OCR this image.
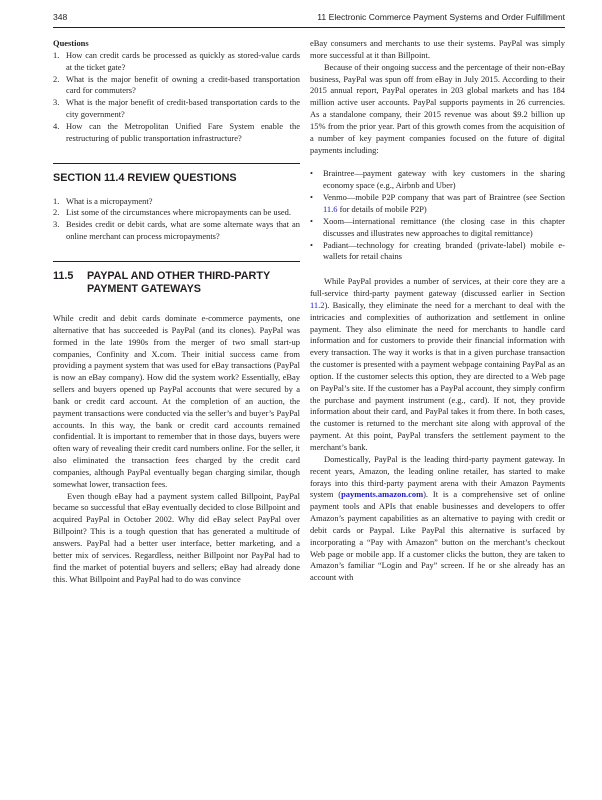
348	11 Electronic Commerce Payment Systems and Order Fulfillment

Questions

1. How can credit cards be processed as quickly as stored-value cards at the ticket gate?
2. What is the major benefit of owning a credit-based transportation card for commuters?
3. What is the major benefit of credit-based transportation cards to the city government?
4. How can the Metropolitan Unified Fare System enable the restructuring of public transportation infrastructure?
SECTION 11.4 REVIEW QUESTIONS
1. What is a micropayment?
2. List some of the circumstances where micropayments can be used.
3. Besides credit or debit cards, what are some alternate ways that an online merchant can process micropayments?
11.5	PAYPAL AND OTHER THIRD-PARTY PAYMENT GATEWAYS

While credit and debit cards dominate e-commerce payments, one alternative that has succeeded is PayPal (and its clones). PayPal was formed in the late 1990s from the merger of two small start-up companies, Confinity and X.com. Their initial success came from providing a payment system that was used for eBay transactions (PayPal is now an eBay company). How did the system work? Essentially, eBay sellers and buyers opened up PayPal accounts that were secured by a bank or credit card account. At the completion of an auction, the payment transactions were conducted via the seller’s and buyer’s PayPal accounts. In this way, the bank or credit card accounts remained confidential. It is important to remember that in those days, buyers were often wary of revealing their credit card numbers online. For the seller, it also eliminated the transaction fees charged by the credit card companies, although PayPal eventually began charging similar, though somewhat lower, transaction fees.

Even though eBay had a payment system called Billpoint, PayPal became so successful that eBay eventually decided to close Billpoint and acquired PayPal in October 2002. Why did eBay select PayPal over Billpoint? This is a tough question that has generated a multitude of answers. PayPal had a better user interface, better marketing, and a better mix of services. Regardless, neither Billpoint nor PayPal had to find the market of potential buyers and sellers; eBay had already done this. What Billpoint and PayPal had to do was convince

eBay consumers and merchants to use their systems. PayPal was simply more successful at it than Billpoint.

Because of their ongoing success and the percentage of their non-eBay business, PayPal was spun off from eBay in July 2015. According to their 2015 annual report, PayPal operates in 203 global markets and has 184 million active user accounts. PayPal supports payments in 26 currencies. As a standalone company, their 2015 revenue was about $9.2 billion up 15% from the prior year. Part of this growth comes from the acquisition of a number of key payment companies focused on the future of digital payments including:

• Braintree—payment gateway with key customers in the sharing economy space (e.g., Airbnb and Uber)
• Venmo—mobile P2P company that was part of Braintree (see Section 11.6 for details of mobile P2P)
• Xoom—international remittance (the closing case in this chapter discusses and illustrates new approaches to digital remittance)
• Padiant—technology for creating branded (private-label) mobile e-wallets for retail chains

While PayPal provides a number of services, at their core they are a full-service third-party payment gateway (discussed earlier in Section 11.2). Basically, they eliminate the need for a merchant to deal with the intricacies and complexities of authorization and settlement in online payment. They also eliminate the need for merchants to handle card information and for customers to provide their financial information with every transaction. The way it works is that in a given purchase transaction the customer is presented with a payment webpage containing PayPal as an option. If the customer selects this option, they are directed to a Web page on PayPal’s site. If the customer has a PayPal account, they simply confirm the purchase and payment instrument (e.g., card). If not, they provide information about their card, and PayPal takes it from there. In both cases, the customer is returned to the merchant site along with approval of the payment. At this point, PayPal transfers the settlement payment to the merchant’s bank.

Domestically, PayPal is the leading third-party payment gateway. In recent years, Amazon, the leading online retailer, has started to make forays into this third-party payment arena with their Amazon Payments system (payments.amazon.com). It is a comprehensive set of online payment tools and APIs that enable businesses and developers to offer Amazon’s payment capabilities as an alternative to paying with credit or debit cards or Paypal. Like PayPal this alternative is surfaced by incorporating a “Pay with Amazon” button on the merchant’s checkout Web page or mobile app. If a customer clicks the button, they are taken to Amazon’s familiar “Login and Pay” screen. If he or she already has an account with
